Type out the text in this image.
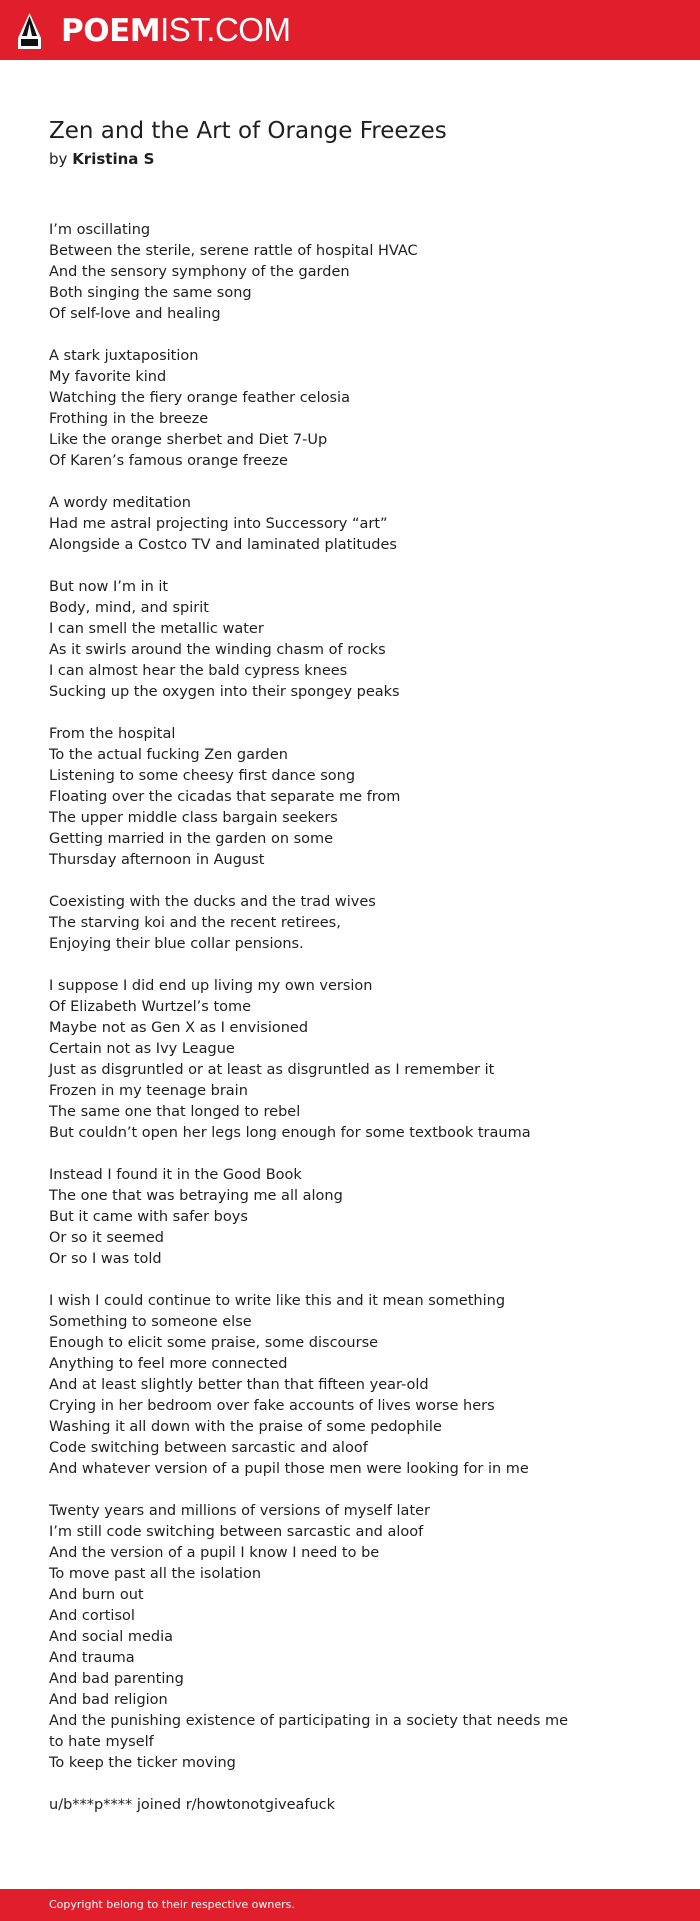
POEMIST.COM
Zen and the Art of Orange Freezes
by Kristina S
I’m oscillating
Between the sterile, serene rattle of hospital HVAC
And the sensory symphony of the garden
Both singing the same song
Of self-love and healing
A stark juxtaposition
My favorite kind
Watching the fiery orange feather celosia
Frothing in the breeze
Like the orange sherbet and Diet 7-Up
Of Karen’s famous orange freeze
A wordy meditation
Had me astral projecting into Successory “art”
Alongside a Costco TV and laminated platitudes
But now I’m in it
Body, mind, and spirit
I can smell the metallic water
As it swirls around the winding chasm of rocks
I can almost hear the bald cypress knees
Sucking up the oxygen into their spongey peaks
From the hospital
To the actual fucking Zen garden
Listening to some cheesy first dance song
Floating over the cicadas that separate me from
The upper middle class bargain seekers
Getting married in the garden on some
Thursday afternoon in August
Coexisting with the ducks and the trad wives
The starving koi and the recent retirees,
Enjoying their blue collar pensions.
I suppose I did end up living my own version
Of Elizabeth Wurtzel’s tome
Maybe not as Gen X as I envisioned
Certain not as Ivy League
Just as disgruntled or at least as disgruntled as I remember it
Frozen in my teenage brain
The same one that longed to rebel
But couldn’t open her legs long enough for some textbook trauma
Instead I found it in the Good Book
The one that was betraying me all along
But it came with safer boys
Or so it seemed
Or so I was told
I wish I could continue to write like this and it mean something
Something to someone else
Enough to elicit some praise, some discourse
Anything to feel more connected
And at least slightly better than that fifteen year-old
Crying in her bedroom over fake accounts of lives worse hers
Washing it all down with the praise of some pedophile
Code switching between sarcastic and aloof
And whatever version of a pupil those men were looking for in me
Twenty years and millions of versions of myself later
I’m still code switching between sarcastic and aloof
And the version of a pupil I know I need to be
To move past all the isolation
And burn out
And cortisol
And social media
And trauma
And bad parenting
And bad religion
And the punishing existence of participating in a society that needs me to hate myself
To keep the ticker moving
u/b***p**** joined r/howtonotgiveafuck
Copyright belong to their respective owners.
